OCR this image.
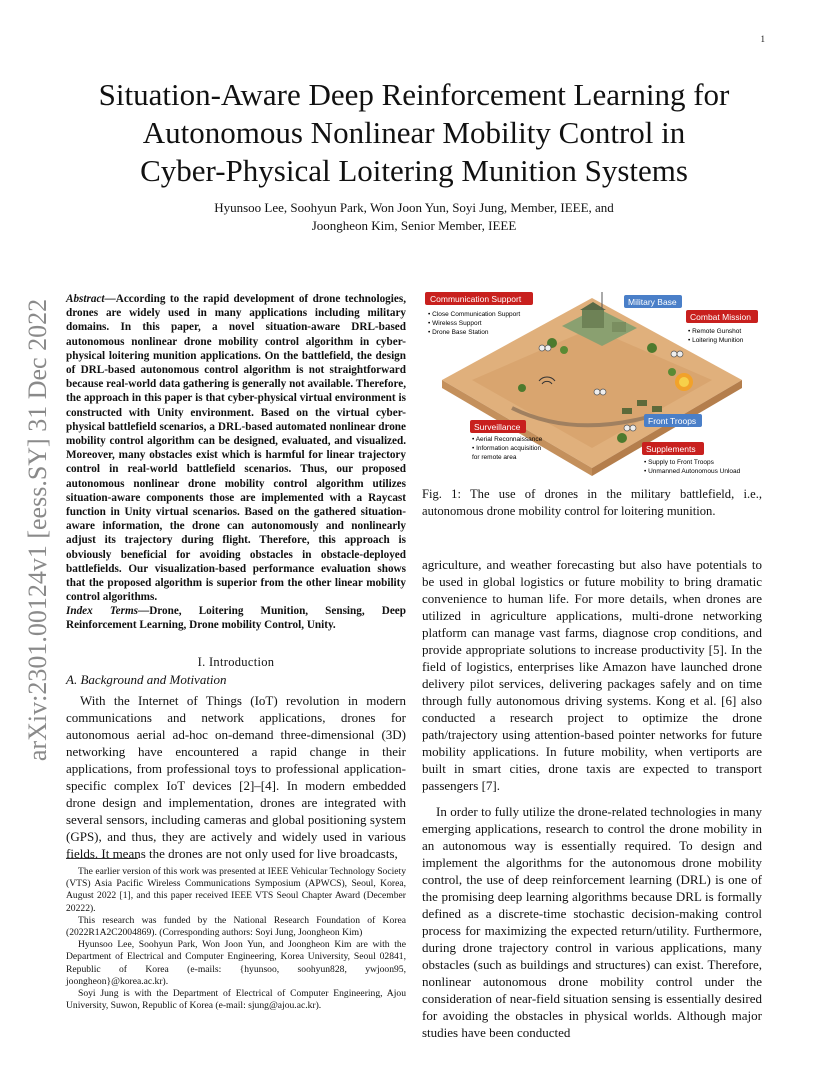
1
arXiv:2301.00124v1 [eess.SY] 31 Dec 2022
Situation-Aware Deep Reinforcement Learning for
Autonomous Nonlinear Mobility Control in
Cyber-Physical Loitering Munition Systems
Hyunsoo Lee, Soohyun Park, Won Joon Yun, Soyi Jung, Member, IEEE, and
Joongheon Kim, Senior Member, IEEE
Abstract—According to the rapid development of drone technologies, drones are widely used in many applications including military domains. In this paper, a novel situation-aware DRL-based autonomous nonlinear drone mobility control algorithm in cyber-physical loitering munition applications. On the battlefield, the design of DRL-based autonomous control algorithm is not straightforward because real-world data gathering is generally not available. Therefore, the approach in this paper is that cyber-physical virtual environment is constructed with Unity environment. Based on the virtual cyber-physical battlefield scenarios, a DRL-based automated nonlinear drone mobility control algorithm can be designed, evaluated, and visualized. Moreover, many obstacles exist which is harmful for linear trajectory control in real-world battlefield scenarios. Thus, our proposed autonomous nonlinear drone mobility control algorithm utilizes situation-aware components those are implemented with a Raycast function in Unity virtual scenarios. Based on the gathered situation-aware information, the drone can autonomously and nonlinearly adjust its trajectory during flight. Therefore, this approach is obviously beneficial for avoiding obstacles in obstacle-deployed battlefields. Our visualization-based performance evaluation shows that the proposed algorithm is superior from the other linear mobility control algorithms.
Index Terms—Drone, Loitering Munition, Sensing, Deep Reinforcement Learning, Drone mobility Control, Unity.
I. Introduction
A. Background and Motivation

With the Internet of Things (IoT) revolution in modern communications and network applications, drones for autonomous aerial ad-hoc on-demand three-dimensional (3D) networking have encountered a rapid change in their applications, from professional toys to professional application-specific complex IoT devices [2]–[4]. In modern embedded drone design and implementation, drones are integrated with several sensors, including cameras and global positioning system (GPS), and thus, they are actively and widely used in various fields. It means the drones are not only used for live broadcasts,

The earlier version of this work was presented at IEEE Vehicular Technology Society (VTS) Asia Pacific Wireless Communications Symposium (APWCS), Seoul, Korea, August 2022 [1], and this paper received IEEE VTS Seoul Chapter Award (December 20222).

This research was funded by the National Research Foundation of Korea (2022R1A2C2004869). (Corresponding authors: Soyi Jung, Joongheon Kim)

Hyunsoo Lee, Soohyun Park, Won Joon Yun, and Joongheon Kim are with the Department of Electrical and Computer Engineering, Korea University, Seoul 02841, Republic of Korea (e-mails: {hyunsoo, soohyun828, ywjoon95, joongheon}@korea.ac.kr).

Soyi Jung is with the Department of Electrical of Computer Engineering, Ajou University, Suwon, Republic of Korea (e-mail: sjung@ajou.ac.kr).

Communication Support
• Close Communication Support
• Wireless Support
• Drone Base Station
Military Base
Combat Mission
• Remote Gunshot
• Loitering Munition
Surveillance
• Aerial Reconnaissance
• Information acquisition
for remote area
Front Troops
Supplements
• Supply to Front Troops
• Unmanned Autonomous Unload
Fig. 1: The use of drones in the military battlefield, i.e., autonomous drone mobility control for loitering munition.

agriculture, and weather forecasting but also have potentials to be used in global logistics or future mobility to bring dramatic convenience to human life. For more details, when drones are utilized in agriculture applications, multi-drone networking platform can manage vast farms, diagnose crop conditions, and provide appropriate solutions to increase productivity [5]. In the field of logistics, enterprises like Amazon have launched drone delivery pilot services, delivering packages safely and on time through fully autonomous driving systems. Kong et al. [6] also conducted a research project to optimize the drone path/trajectory using attention-based pointer networks for future mobility applications. In future mobility, when vertiports are built in smart cities, drone taxis are expected to transport passengers [7].

In order to fully utilize the drone-related technologies in many emerging applications, research to control the drone mobility in an autonomous way is essentially required. To design and implement the algorithms for the autonomous drone mobility control, the use of deep reinforcement learning (DRL) is one of the promising deep learning algorithms because DRL is formally defined as a discrete-time stochastic decision-making control process for maximizing the expected return/utility. Furthermore, during drone trajectory control in various applications, many obstacles (such as buildings and structures) can exist. Therefore, nonlinear autonomous drone mobility control under the consideration of near-field situation sensing is essentially desired for avoiding the obstacles in physical worlds. Although major studies have been conducted
